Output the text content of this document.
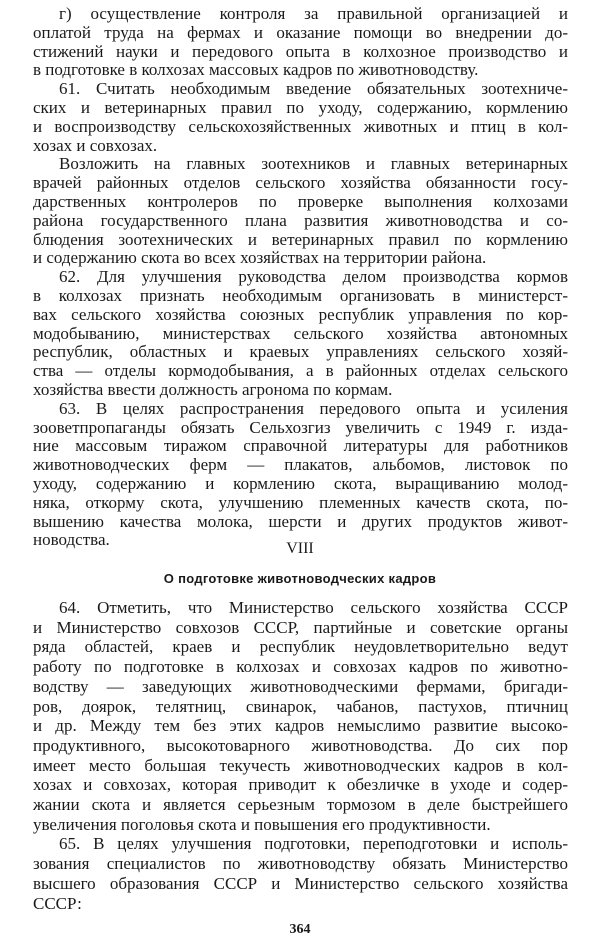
г) осуществление контроля за правильной организацией и
оплатой труда на фермах и оказание помощи во внедрении до-
стижений науки и передового опыта в колхозное производство и
в подготовке в колхозах массовых кадров по животноводству.
61. Считать необходимым введение обязательных зоотехниче-
ских и ветеринарных правил по уходу, содержанию, кормлению
и воспроизводству сельскохозяйственных животных и птиц в кол-
хозах и совхозах.
Возложить на главных зоотехников и главных ветеринарных
врачей районных отделов сельского хозяйства обязанности госу-
дарственных контролеров по проверке выполнения колхозами
района государственного плана развития животноводства и со-
блюдения зоотехнических и ветеринарных правил по кормлению
и содержанию скота во всех хозяйствах на территории района.
62. Для улучшения руководства делом производства кормов
в колхозах признать необходимым организовать в министерст-
вах сельского хозяйства союзных республик управления по кор-
модобыванию, министерствах сельского хозяйства автономных
республик, областных и краевых управлениях сельского хозяй-
ства — отделы кормодобывания, а в районных отделах сельского
хозяйства ввести должность агронома по кормам.
63. В целях распространения передового опыта и усиления
зооветпропаганды обязать Сельхозгиз увеличить с 1949 г. изда-
ние массовым тиражом справочной литературы для работников
животноводческих ферм — плакатов, альбомов, листовок по
уходу, содержанию и кормлению скота, выращиванию молод-
няка, откорму скота, улучшению племенных качеств скота, по-
вышению качества молока, шерсти и других продуктов живот-
новодства.	VIII
О подготовке животноводческих кадров
64. Отметить, что Министерство сельского хозяйства СССР
и Министерство совхозов СССР, партийные и советские органы
ряда областей, краев и республик неудовлетворительно ведут
работу по подготовке в колхозах и совхозах кадров по животно-
водству — заведующих животноводческими фермами, бригади-
ров, доярок, телятниц, свинарок, чабанов, пастухов, птичниц
и др. Между тем без этих кадров немыслимо развитие высоко-
продуктивного, высокотоварного животноводства. До сих пор
имеет место большая текучесть животноводческих кадров в кол-
хозах и совхозах, которая приводит к обезличке в уходе и содер-
жании скота и является серьезным тормозом в деле быстрейшего
увеличения поголовья скота и повышения его продуктивности.
65. В целях улучшения подготовки, переподготовки и исполь-
зования специалистов по животноводству обязать Министерство
высшего образования СССР и Министерство сельского хозяйства
СССР:
364
